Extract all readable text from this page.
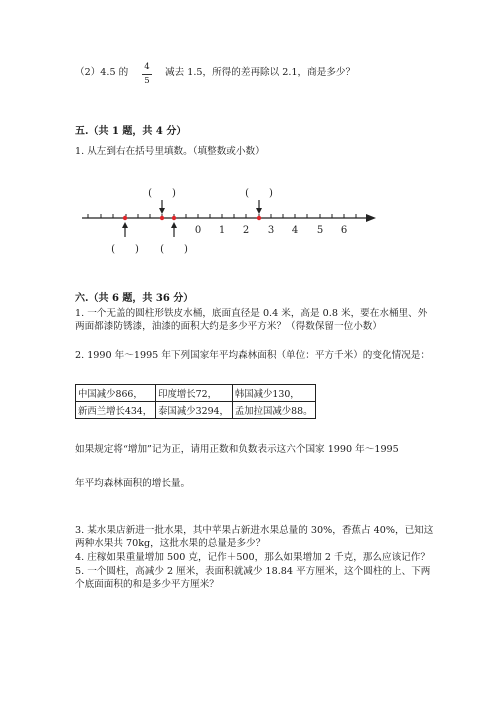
（2）4.5 的	4
5
减去 1.5，所得的差再除以 2.1，商是多少？
五.（共 1 题，共 4 分）
1. 从左到右在括号里填数。（填整数或小数）
0 1 2 3 4 5 6
(　　)	(　　)
(　　) (　　)
六.（共 6 题，共 36 分）
1. 一个无盖的圆柱形铁皮水桶，底面直径是 0.4 米，高是 0.8 米，要在水桶里、外两面都漆防锈漆，油漆的面积大约是多少平方米？（得数保留一位小数）
2. 1990 年～1995 年下列国家年平均森林面积（单位：平方千米）的变化情况是：
中国减少866，	印度增长72，	韩国减少130，
新西兰增长434，	泰国减少3294，	孟加拉国减少88。
如果规定将“增加”记为正，请用正数和负数表示这六个国家 1990 年～1995
年平均森林面积的增长量。
3. 某水果店新进一批水果，其中苹果占新进水果总量的 30%，香蕉占 40%，已知这两种水果共 70kg，这批水果的总量是多少？
4. 庄稼如果重量增加 500 克，记作＋500，那么如果增加 2 千克，那么应该记作？
5. 一个圆柱，高减少 2 厘米，表面积就减少 18.84 平方厘米，这个圆柱的上、下两个底面面积的和是多少平方厘米？
